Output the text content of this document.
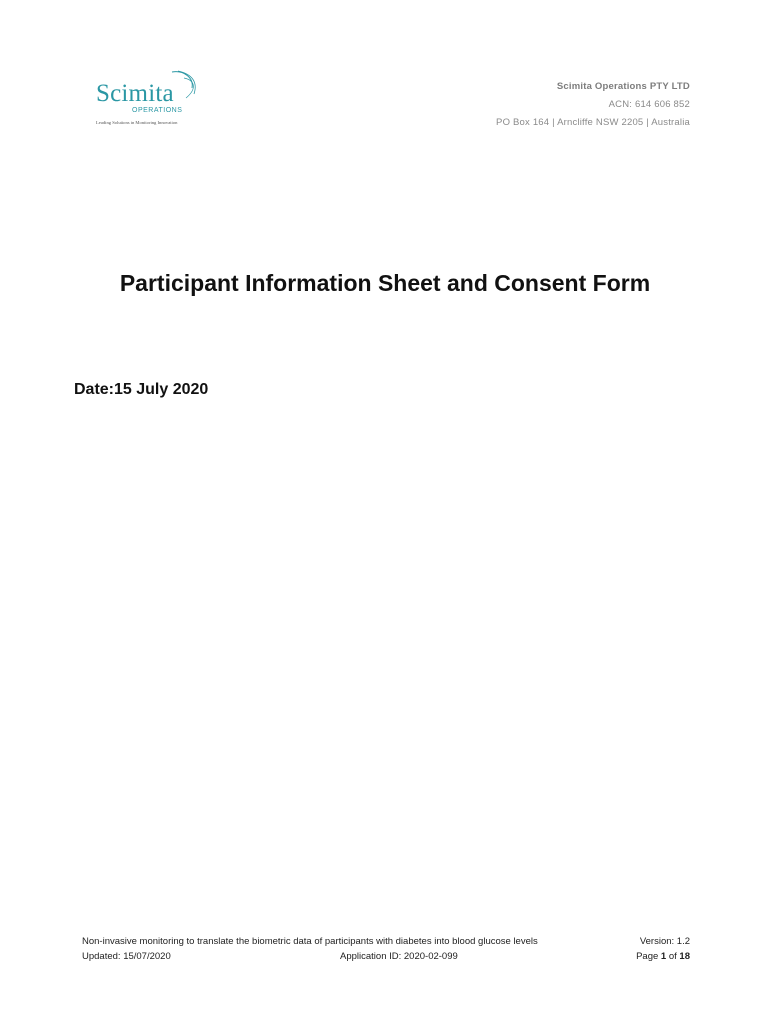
Scimita
OPERATIONS
Leading Solutions in Monitoring Innovation
Scimita Operations PTY LTD
ACN: 614 606 852
PO Box 164 | Arncliffe NSW 2205 | Australia
Participant Information Sheet and Consent Form
Date:15 July 2020
Non-invasive monitoring to translate the biometric data of participants with diabetes into blood glucose levels	Version: 1.2
Updated: 15/07/2020	Application ID: 2020-02-099	Page 1 of 18
